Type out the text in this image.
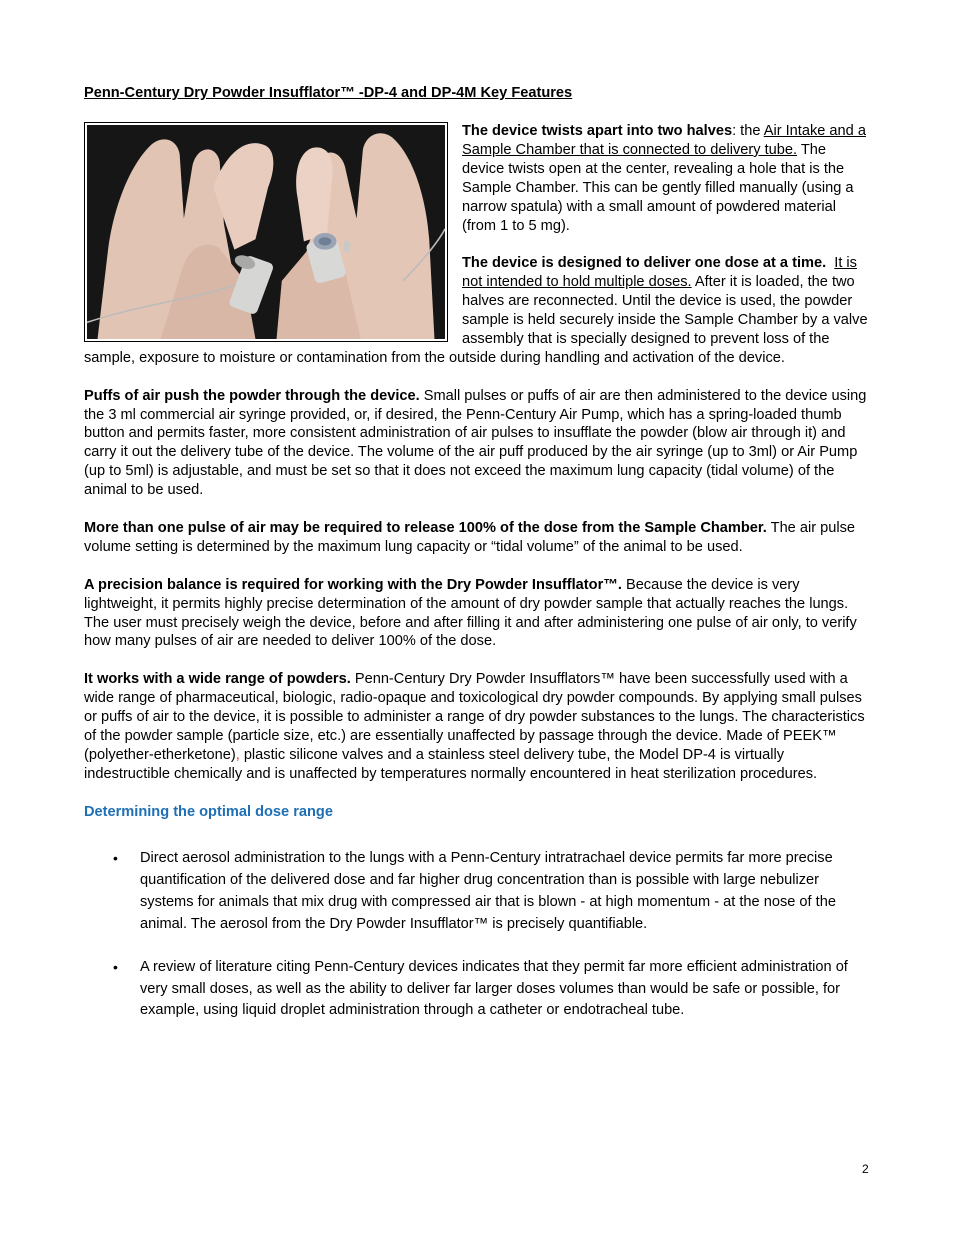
Penn-Century Dry Powder Insufflator™ -DP-4 and DP-4M Key Features

The device twists apart into two halves: the Air Intake and a Sample Chamber that is connected to delivery tube. The device twists open at the center, revealing a hole that is the Sample Chamber. This can be gently filled manually (using a narrow spatula) with a small amount of powdered material (from 1 to 5 mg).

The device is designed to deliver one dose at a time. It is not intended to hold multiple doses. After it is loaded, the two halves are reconnected. Until the device is used, the powder sample is held securely inside the Sample Chamber by a valve assembly that is specially designed to prevent loss of the sample, exposure to moisture or contamination from the outside during handling and activation of the device.

Puffs of air push the powder through the device. Small pulses or puffs of air are then administered to the device using the 3 ml commercial air syringe provided, or, if desired, the Penn-Century Air Pump, which has a spring-loaded thumb button and permits faster, more consistent administration of air pulses to insufflate the powder (blow air through it) and carry it out the delivery tube of the device. The volume of the air puff produced by the air syringe (up to 3ml) or Air Pump (up to 5ml) is adjustable, and must be set so that it does not exceed the maximum lung capacity (tidal volume) of the animal to be used.

More than one pulse of air may be required to release 100% of the dose from the Sample Chamber. The air pulse volume setting is determined by the maximum lung capacity or “tidal volume” of the animal to be used.

A precision balance is required for working with the Dry Powder Insufflator™. Because the device is very lightweight, it permits highly precise determination of the amount of dry powder sample that actually reaches the lungs. The user must precisely weigh the device, before and after filling it and after administering one pulse of air only, to verify how many pulses of air are needed to deliver 100% of the dose.

It works with a wide range of powders. Penn-Century Dry Powder Insufflators™ have been successfully used with a wide range of pharmaceutical, biologic, radio-opaque and toxicological dry powder compounds. By applying small pulses or puffs of air to the device, it is possible to administer a range of dry powder substances to the lungs. The characteristics of the powder sample (particle size, etc.) are essentially unaffected by passage through the device. Made of PEEK™ (polyether-etherketone), plastic silicone valves and a stainless steel delivery tube, the Model DP-4 is virtually indestructible chemically and is unaffected by temperatures normally encountered in heat sterilization procedures.

Determining the optimal dose range
• Direct aerosol administration to the lungs with a Penn-Century intratrachael device permits far more precise quantification of the delivered dose and far higher drug concentration than is possible with large nebulizer systems for animals that mix drug with compressed air that is blown - at high momentum - at the nose of the animal. The aerosol from the Dry Powder Insufflator™ is precisely quantifiable.
• A review of literature citing Penn-Century devices indicates that they permit far more efficient administration of very small doses, as well as the ability to deliver far larger doses volumes than would be safe or possible, for example, using liquid droplet administration through a catheter or endotracheal tube.
2
